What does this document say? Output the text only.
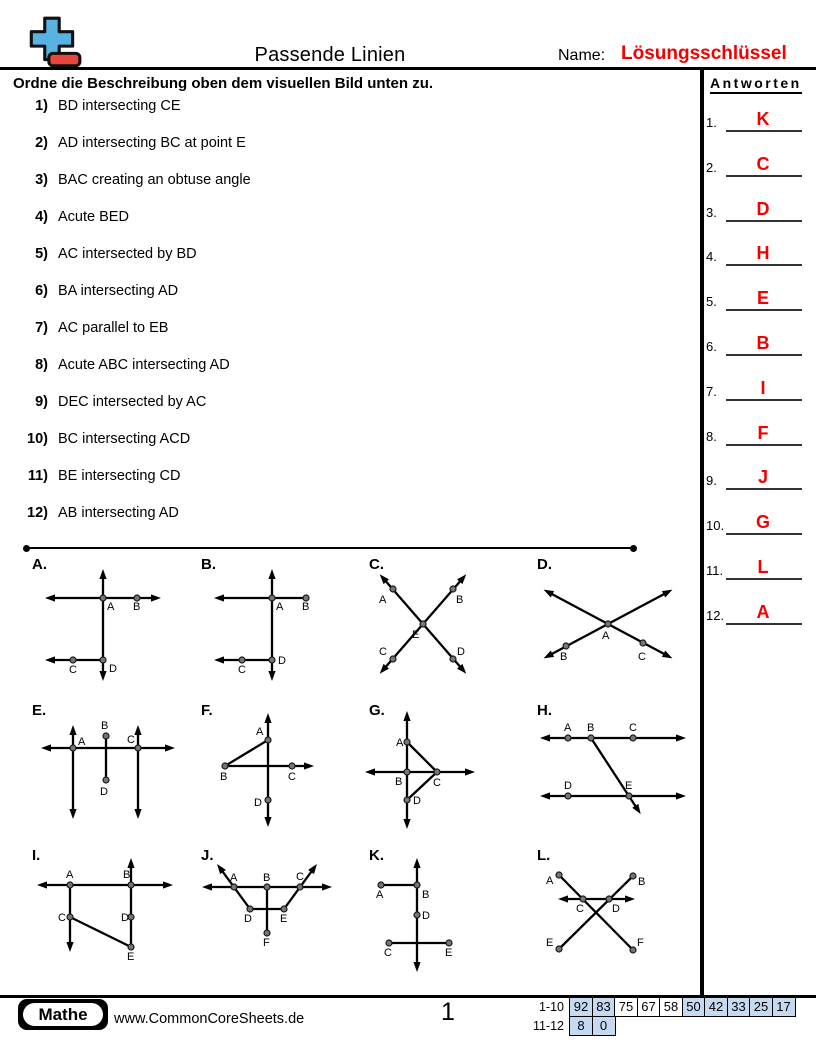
Passende Linien	Name: Lösungsschlüssel
Ordne die Beschreibung oben dem visuellen Bild unten zu.
1) BD intersecting CE
2) AD intersecting BC at point E
3) BAC creating an obtuse angle
4) Acute BED
5) AC intersected by BD
6) BA intersecting AD
7) AC parallel to EB
8) Acute ABC intersecting AD
9) DEC intersected by AC
10) BC intersecting ACD
11) BE intersecting CD
12) AB intersecting AD
A.
A B
C	D
B.
A B
C
D
C.
A	B
C	D
E
D.
A
B	C
E.
A
B
C
D
F.
A
B	C
D
G.
A
B	C
D
H.
A B	C
D	E
I.
A	B
C	D
E
J.
A B C
D	E
F
K.
A	B
D
C	E
L.
A	B
C	D
E	F
Antworten
1.	K
2.	C
3.	D
4.	H
5.	E
6.	B
7.	I
8.	F
9.	J
10.	G
11.	L
12.	A
Mathe	www.CommonCoreSheets.de	1	1-10 92 83 75 67 58 50 42 33 25 17
11-12	8	0
